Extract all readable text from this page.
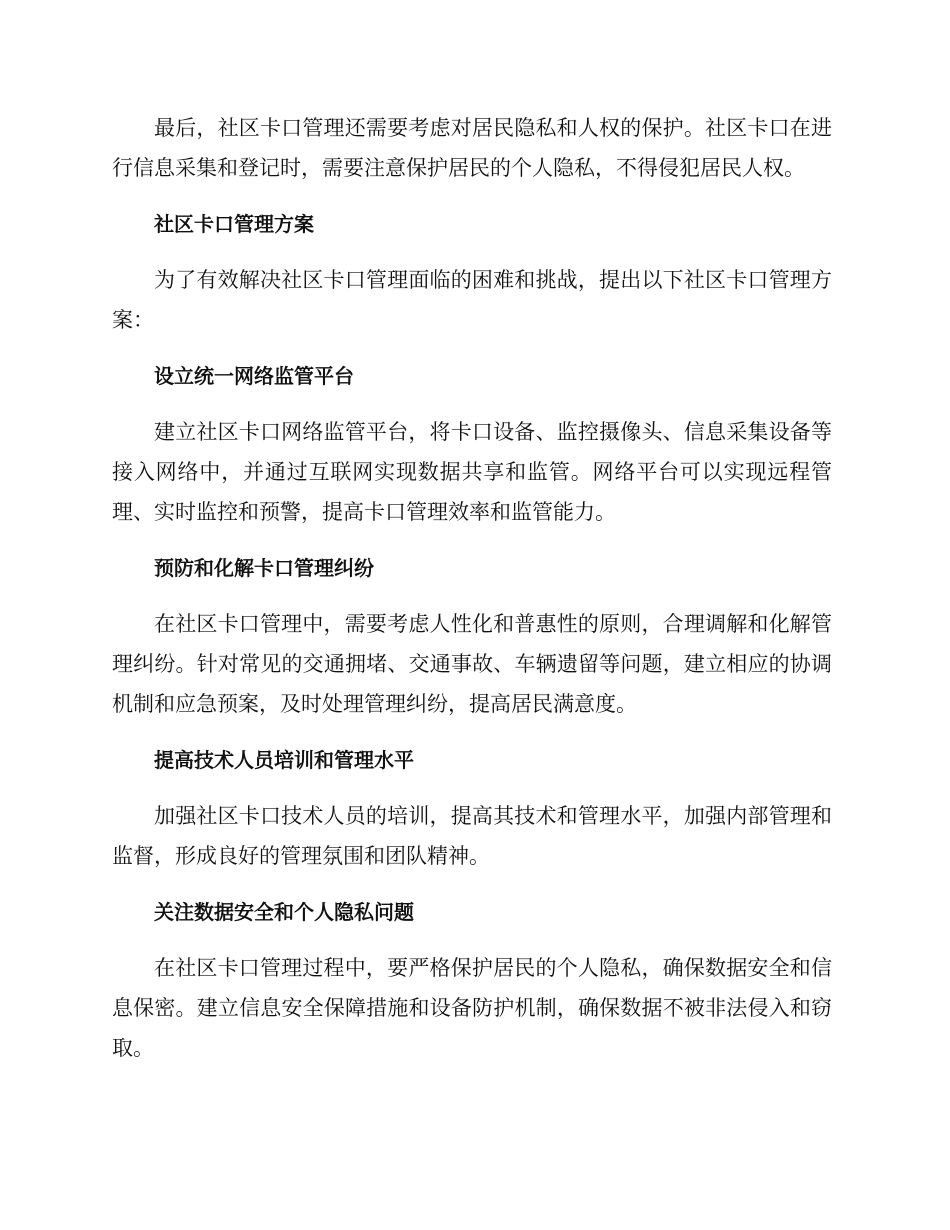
最后，社区卡口管理还需要考虑对居民隐私和人权的保护。社区卡口在进行信息采集和登记时，需要注意保护居民的个人隐私，不得侵犯居民人权。

社区卡口管理方案

为了有效解决社区卡口管理面临的困难和挑战，提出以下社区卡口管理方案：

设立统一网络监管平台

建立社区卡口网络监管平台，将卡口设备、监控摄像头、信息采集设备等接入网络中，并通过互联网实现数据共享和监管。网络平台可以实现远程管理、实时监控和预警，提高卡口管理效率和监管能力。

预防和化解卡口管理纠纷

在社区卡口管理中，需要考虑人性化和普惠性的原则，合理调解和化解管理纠纷。针对常见的交通拥堵、交通事故、车辆遗留等问题，建立相应的协调机制和应急预案，及时处理管理纠纷，提高居民满意度。

提高技术人员培训和管理水平

加强社区卡口技术人员的培训，提高其技术和管理水平，加强内部管理和监督，形成良好的管理氛围和团队精神。

关注数据安全和个人隐私问题

在社区卡口管理过程中，要严格保护居民的个人隐私，确保数据安全和信息保密。建立信息安全保障措施和设备防护机制，确保数据不被非法侵入和窃取。
